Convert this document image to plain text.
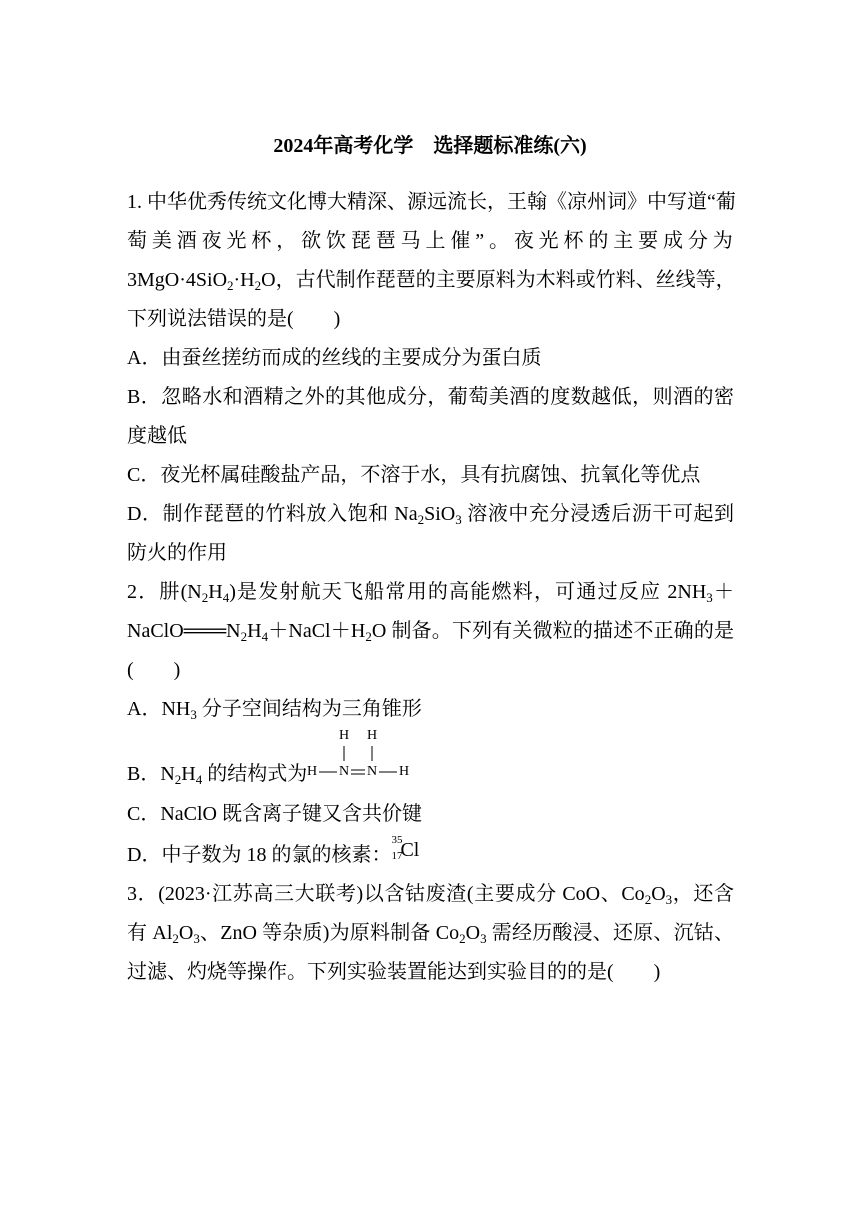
2024年高考化学　选择题标准练(六)
1. 中华优秀传统文化博大精深、源远流长，王翰《凉州词》中写道“葡
萄美酒夜光杯，欲饮琵琶马上催”。夜光杯的主要成分为
$3MgO\cdot 4SiO_2\cdot H_2O$，古代制作琵琶的主要原料为木料或竹料、丝线等，
下列说法错误的是(　　)
A．由蚕丝搓纺而成的丝线的主要成分为蛋白质
B．忽略水和酒精之外的其他成分，葡萄美酒的度数越低，则酒的密
度越低
C．夜光杯属硅酸盐产品，不溶于水，具有抗腐蚀、抗氧化等优点
D．制作琵琶的竹料放入饱和 $Na_2SiO_3$ 溶液中充分浸透后沥干可起到
防火的作用
2．肼$(N_2H_4)$是发射航天飞船常用的高能燃料，可通过反应 $2NH_3+$
$NaClO═══N_2H_4+NaCl+H_2O$ 制备。下列有关微粒的描述不正确的是
(　　)
A．$NH_3$ 分子空间结构为三角锥形
B．$N_2H_4$ 的结构式为
H H
H N N H
C．NaClO 既含离子键又含共价键
D．中子数为 18 的氯的核素：
35
17
Cl
3．(2023·江苏高三大联考)以含钴废渣(主要成分 CoO、$Co_2O_3$，还含
有 $Al_2O_3$、ZnO 等杂质)为原料制备 $Co_2O_3$ 需经历酸浸、还原、沉钴、
过滤、灼烧等操作。下列实验装置能达到实验目的的是(　　)
